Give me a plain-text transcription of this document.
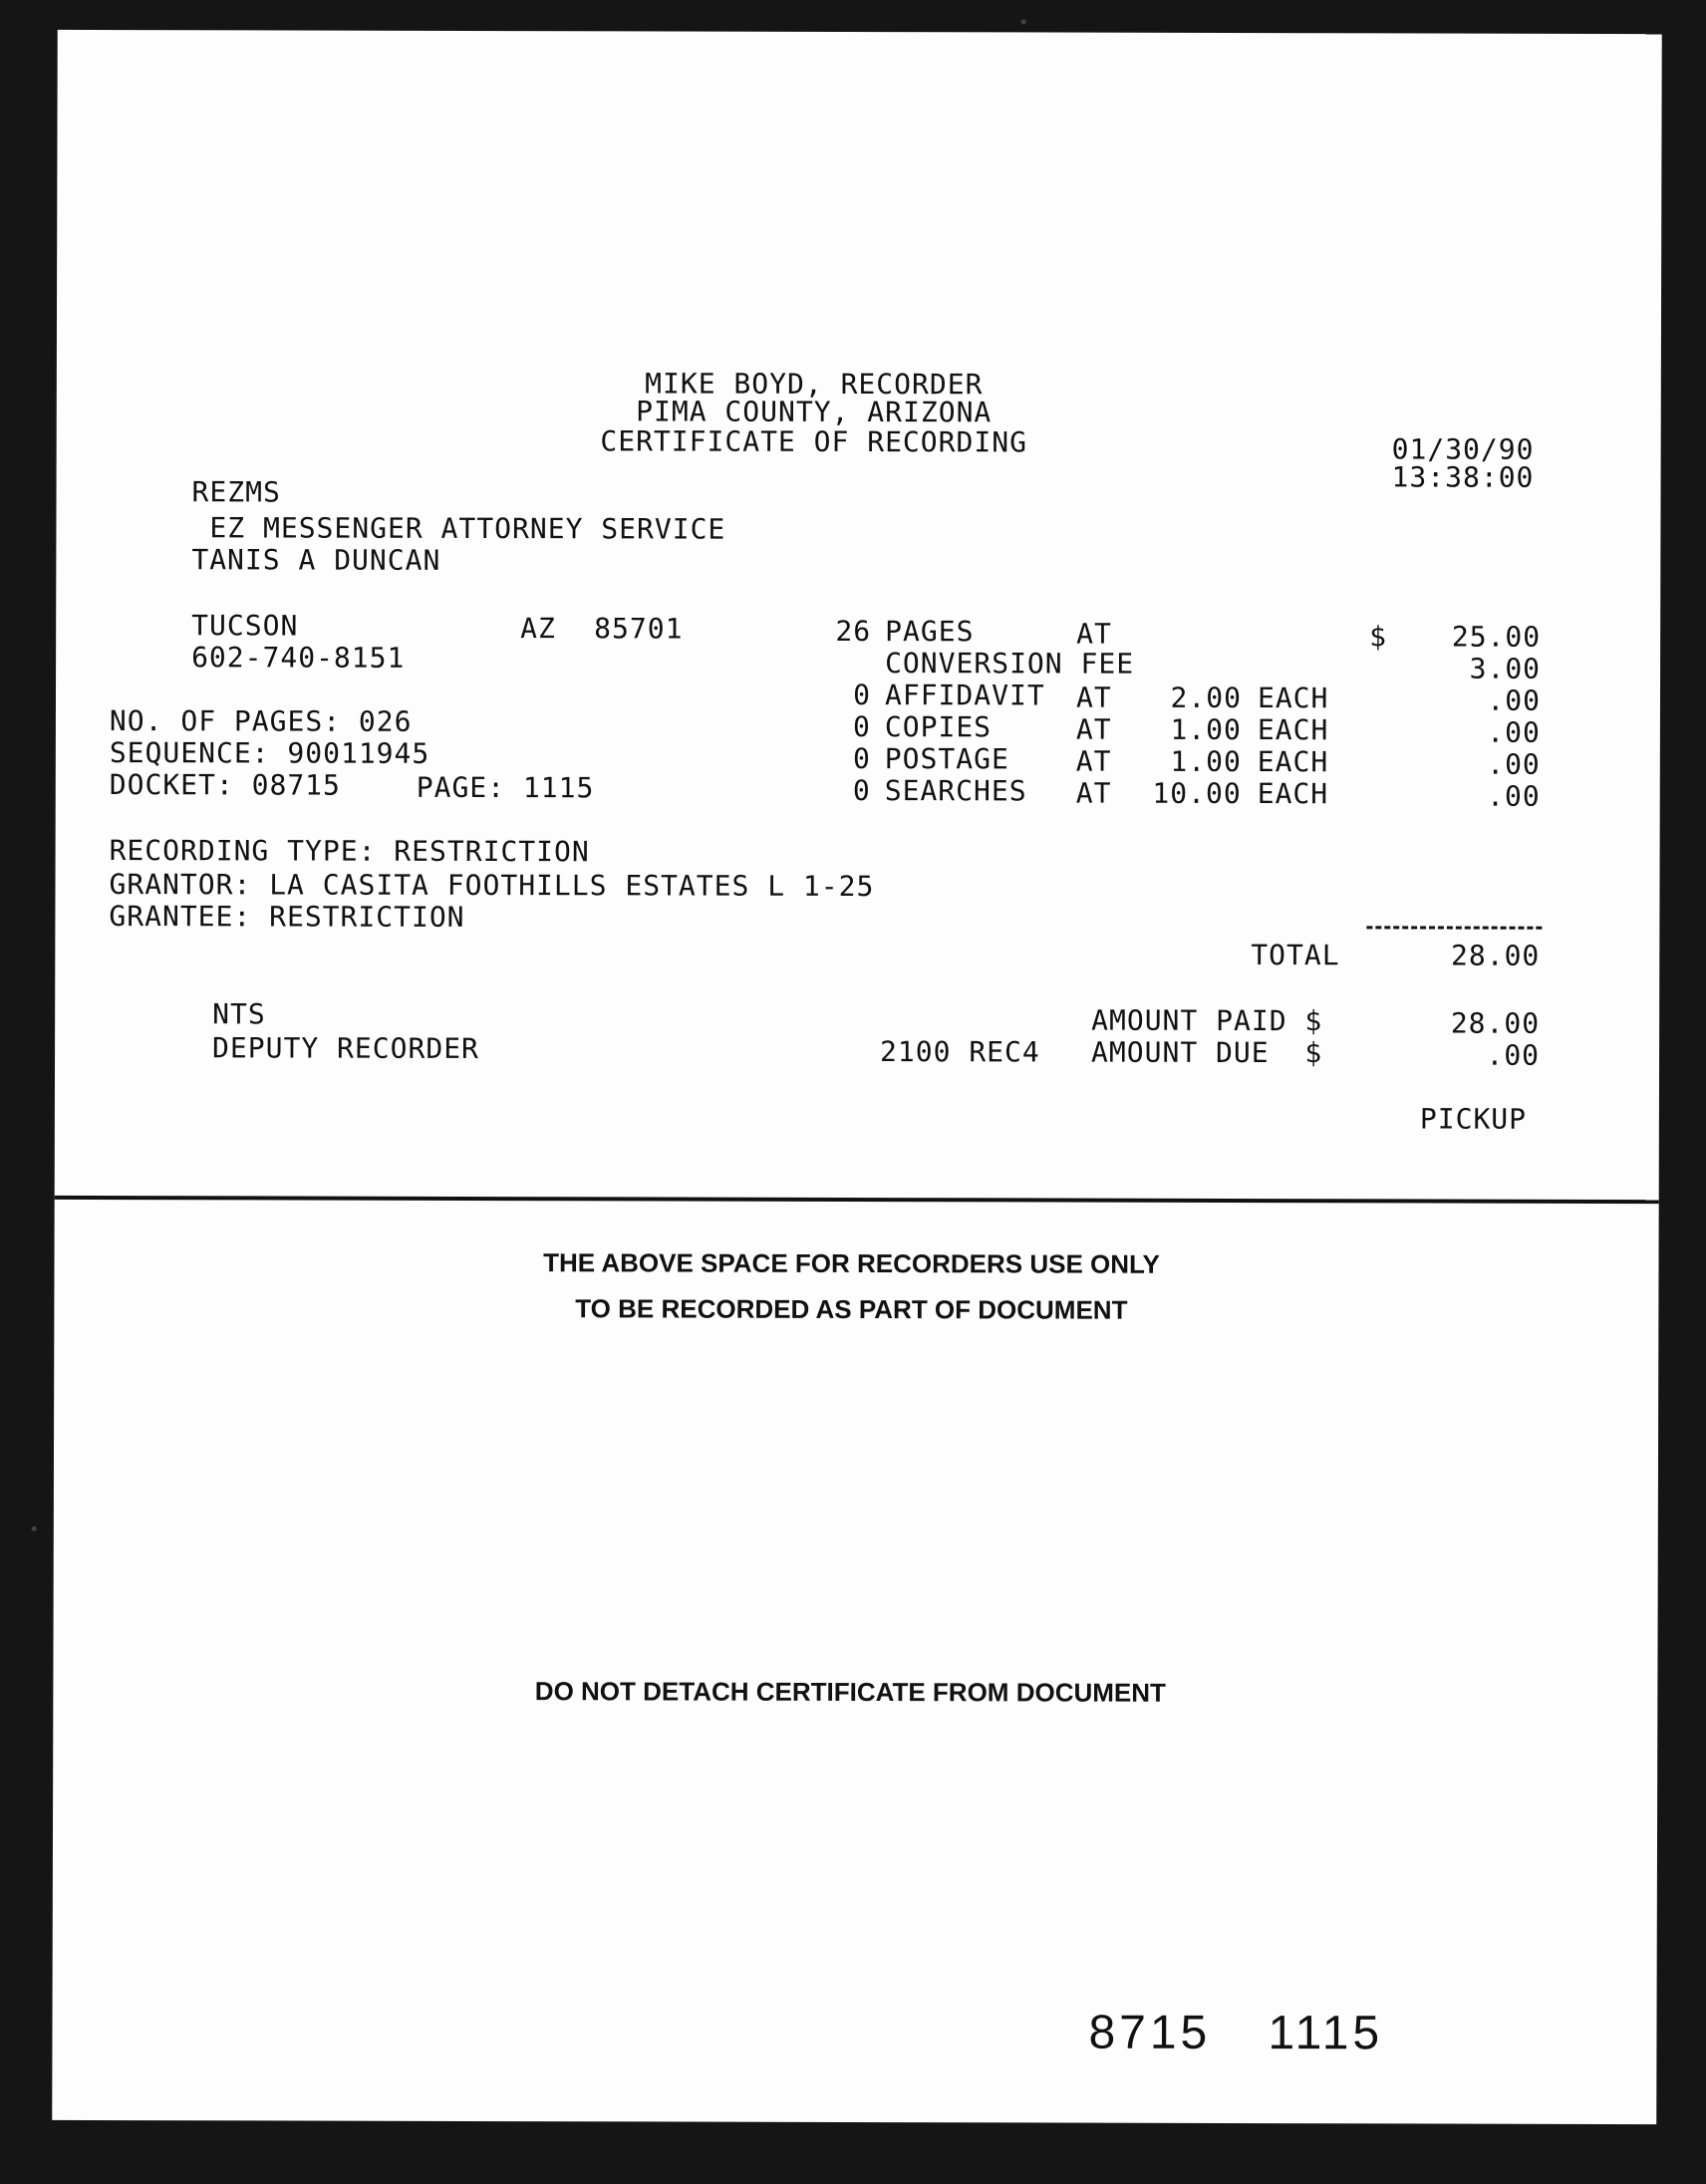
MIKE BOYD, RECORDER
PIMA COUNTY, ARIZONA
CERTIFICATE OF RECORDING	01/30/90
13:38:00
REZMS
EZ MESSENGER ATTORNEY SERVICE
TANIS A DUNCAN
TUCSON	AZ 85701
602-740-8151
NO. OF PAGES: 026
SEQUENCE: 90011945
DOCKET: 08715	PAGE: 1115
RECORDING TYPE: RESTRICTION
GRANTOR: LA CASITA FOOTHILLS ESTATES L 1-25
GRANTEE: RESTRICTION
26 PAGES	AT	$	25.00
CONVERSION FEE	3.00
0 AFFIDAVIT AT	2.00 EACH	.00
0 COPIES	AT	1.00 EACH	.00
0 POSTAGE AT	1.00 EACH	.00
0 SEARCHES AT	10.00 EACH	.00
TOTAL	28.00
NTS
DEPUTY RECORDER
AMOUNT PAID $	28.00
2100 REC4 AMOUNT DUE  $	.00
PICKUP
THE ABOVE SPACE FOR RECORDERS USE ONLY
TO BE RECORDED AS PART OF DOCUMENT
DO NOT DETACH CERTIFICATE FROM DOCUMENT
8715 1115
